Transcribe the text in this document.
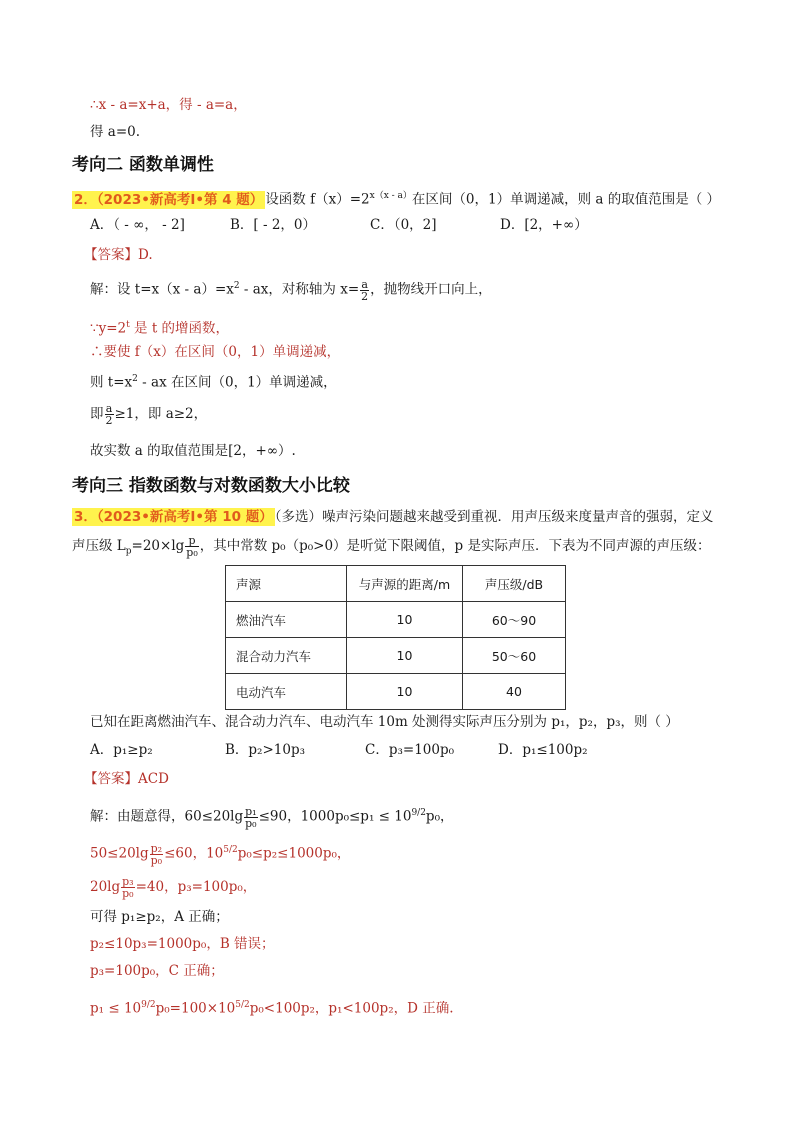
∴x - a=x+a，得 - a=a，
得 a=0.
考向二 函数单调性
2．（2023•新高考Ⅰ•第 4 题） 设函数 $f(x)=2^{x(x - a)}$在区间（0，1）单调递减，则 a 的取值范围是（ ）
A．（ - ∞， - 2]	B．[ - 2，0）	C．（0，2]	D．[2，+∞）
【答案】D.
解：设 $t=x(x - a)=x^2$ - ax，对称轴为 $x= \frac{a}{2}$ ，抛物线开口向上，
$\because y=2^t$ 是 t 的增函数，
∴要使 f（x）在区间（0，1）单调递减，
则 $t=x^2$ - ax 在区间（0，1）单调递减，
即 $\frac{a}{2} \ge 1$，即 a≥2，
故实数 a 的取值范围是[2，+∞）.
考向三 指数函数与对数函数大小比较
3．（2023•新高考Ⅰ•第 10 题） （多选）噪声污染问题越来越受到重视．用声压级来度量声音的强弱，定义
声压级 $L_p=20\times\lg \frac{p}{\text{p₀}}$ ，其中常数 p₀（p₀>0）是听觉下限阈值，p 是实际声压．下表为不同声源的声压级：
声源	与声源的距离/m	声压级/dB
燃油汽车	10	60～90
混合动力汽车	10	50～60
电动汽车	10	40
已知在距离燃油汽车、混合动力汽车、电动汽车 10m 处测得实际声压分别为 p₁，p₂，p₃，则（ ）
A．p₁≥p₂	B．p₂>10p₃	C．p₃=100p₀	D．p₁≤100p₂
【答案】ACD
解：由题意得，$60\le 20\lg \frac{\text{p₁}}{\text{p₀}} \le 90$，$1000p_0\le p_1 \le 10^{9/2}p_0$，
$50\le 20\lg \frac{\text{p₂}}{\text{p₀}} \le 60$，$10^{5/2}p_0\le p_2\le 1000p_0$，
$20\lg \frac{\text{p₃}}{\text{p₀}} =40$，p₃=100p₀，
可得 p₁≥p₂，A 正确；
p₂≤10p₃=1000p₀，B 错误；
p₃=100p₀，C 正确；
$p_1 \le 10^{9/2}p_0=100\times 10^{5/2}p_0<100p_2$，p₁<100p₂，D 正确.
